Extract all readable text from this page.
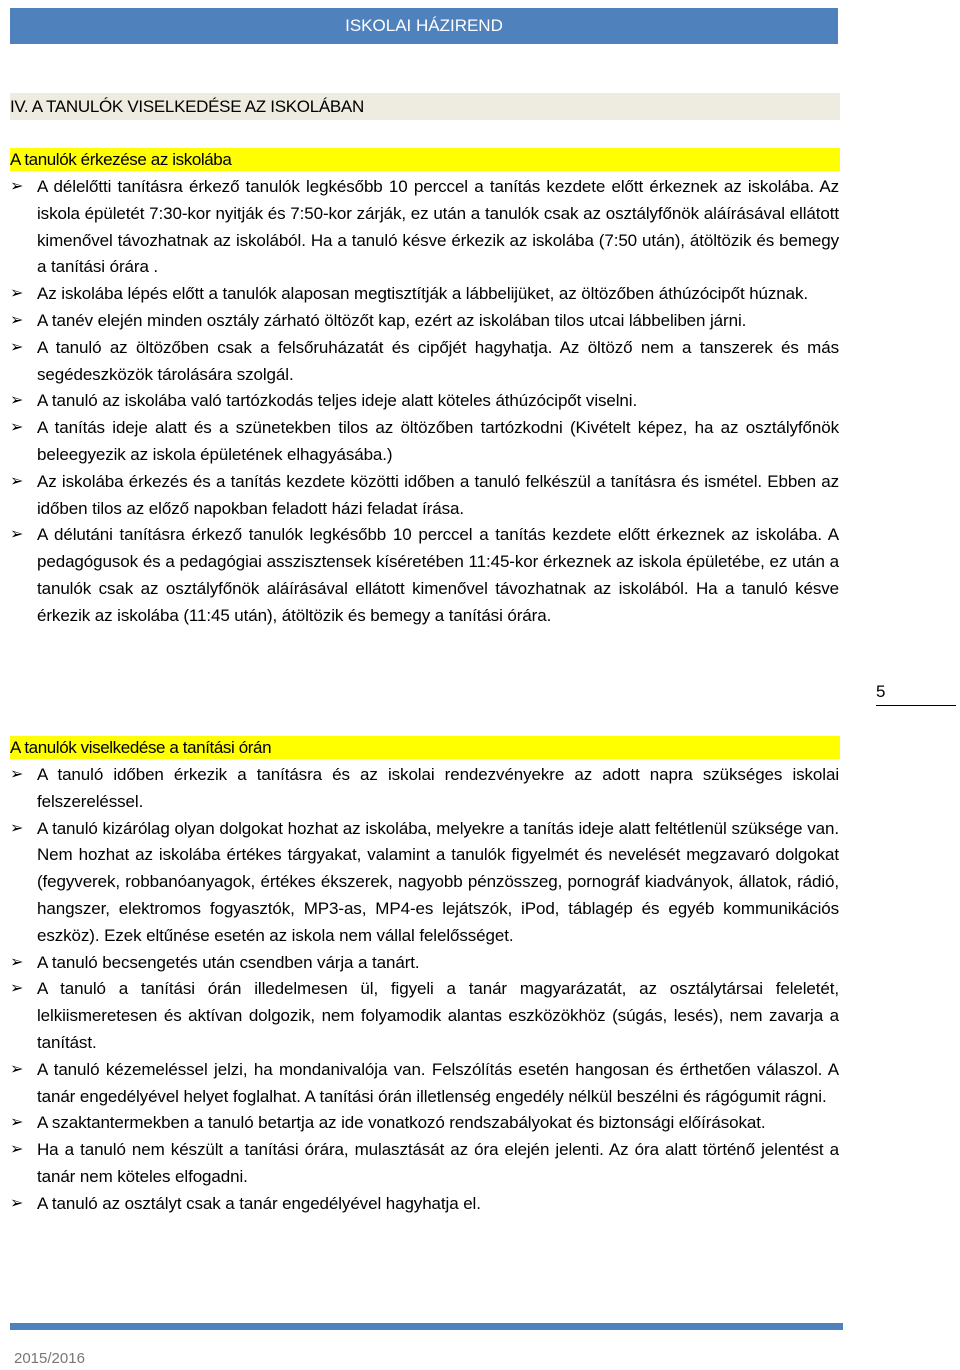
ISKOLAI HÁZIREND
IV. A TANULÓK VISELKEDÉSE AZ ISKOLÁBAN
A tanulók érkezése az iskolába
➢ A délelőtti tanításra érkező tanulók legkésőbb 10 perccel a tanítás kezdete előtt érkeznek az iskolába. Az iskola épületét 7:30-kor nyitják és 7:50-kor zárják, ez után a tanulók csak az osztályfőnök aláírásával ellátott kimenővel távozhatnak az iskolából. Ha a tanuló késve érkezik az iskolába (7:50 után), átöltözik és bemegy a tanítási órára .
➢ Az iskolába lépés előtt a tanulók alaposan megtisztítják a lábbelijüket, az öltözőben áthúzócipőt húznak.
➢ A tanév elején minden osztály zárható öltözőt kap, ezért az iskolában tilos utcai lábbeliben járni.
➢ A tanuló az öltözőben csak a felsőruházatát és cipőjét hagyhatja. Az öltöző nem a tanszerek és más segédeszközök tárolására szolgál.
➢ A tanuló az iskolába való tartózkodás teljes ideje alatt köteles áthúzócipőt viselni.
➢ A tanítás ideje alatt és a szünetekben tilos az öltözőben tartózkodni (Kivételt képez, ha az osztályfőnök beleegyezik az iskola épületének elhagyásába.)
➢ Az iskolába érkezés és a tanítás kezdete közötti időben a tanuló felkészül a tanításra és ismétel. Ebben az időben tilos az előző napokban feladott házi feladat írása.
➢ A délutáni tanításra érkező tanulók legkésőbb 10 perccel a tanítás kezdete előtt érkeznek az iskolába. A pedagógusok és a pedagógiai asszisztensek kíséretében 11:45-kor érkeznek az iskola épületébe, ez után a tanulók csak az osztályfőnök aláírásával ellátott kimenővel távozhatnak az iskolából. Ha a tanuló késve érkezik az iskolába (11:45 után), átöltözik és bemegy a tanítási órára.
5
A tanulók viselkedése a tanítási órán
➢ A tanuló időben érkezik a tanításra és az iskolai rendezvényekre az adott napra szükséges iskolai felszereléssel.
➢ A tanuló kizárólag olyan dolgokat hozhat az iskolába, melyekre a tanítás ideje alatt feltétlenül szüksége van. Nem hozhat az iskolába értékes tárgyakat, valamint a tanulók figyelmét és nevelését megzavaró dolgokat (fegyverek, robbanóanyagok, értékes ékszerek, nagyobb pénzösszeg, pornográf kiadványok, állatok, rádió, hangszer, elektromos fogyasztók, MP3-as, MP4-es lejátszók, iPod, táblagép és egyéb kommunikációs eszköz). Ezek eltűnése esetén az iskola nem vállal felelősséget.
➢ A tanuló becsengetés után csendben várja a tanárt.
➢ A tanuló a tanítási órán illedelmesen ül, figyeli a tanár magyarázatát, az osztálytársai feleletét, lelkiismeretesen és aktívan dolgozik, nem folyamodik alantas eszközökhöz (súgás, lesés), nem zavarja a tanítást.
➢ A tanuló kézemeléssel jelzi, ha mondanivalója van. Felszólítás esetén hangosan és érthetően válaszol. A tanár engedélyével helyet foglalhat. A tanítási órán illetlenség engedély nélkül beszélni és rágógumit rágni.
➢ A szaktantermekben a tanuló betartja az ide vonatkozó rendszabályokat és biztonsági előírásokat.
➢ Ha a tanuló nem készült a tanítási órára, mulasztását az óra elején jelenti. Az óra alatt történő jelentést a tanár nem köteles elfogadni.
➢ A tanuló az osztályt csak a tanár engedélyével hagyhatja el.
2015/2016
